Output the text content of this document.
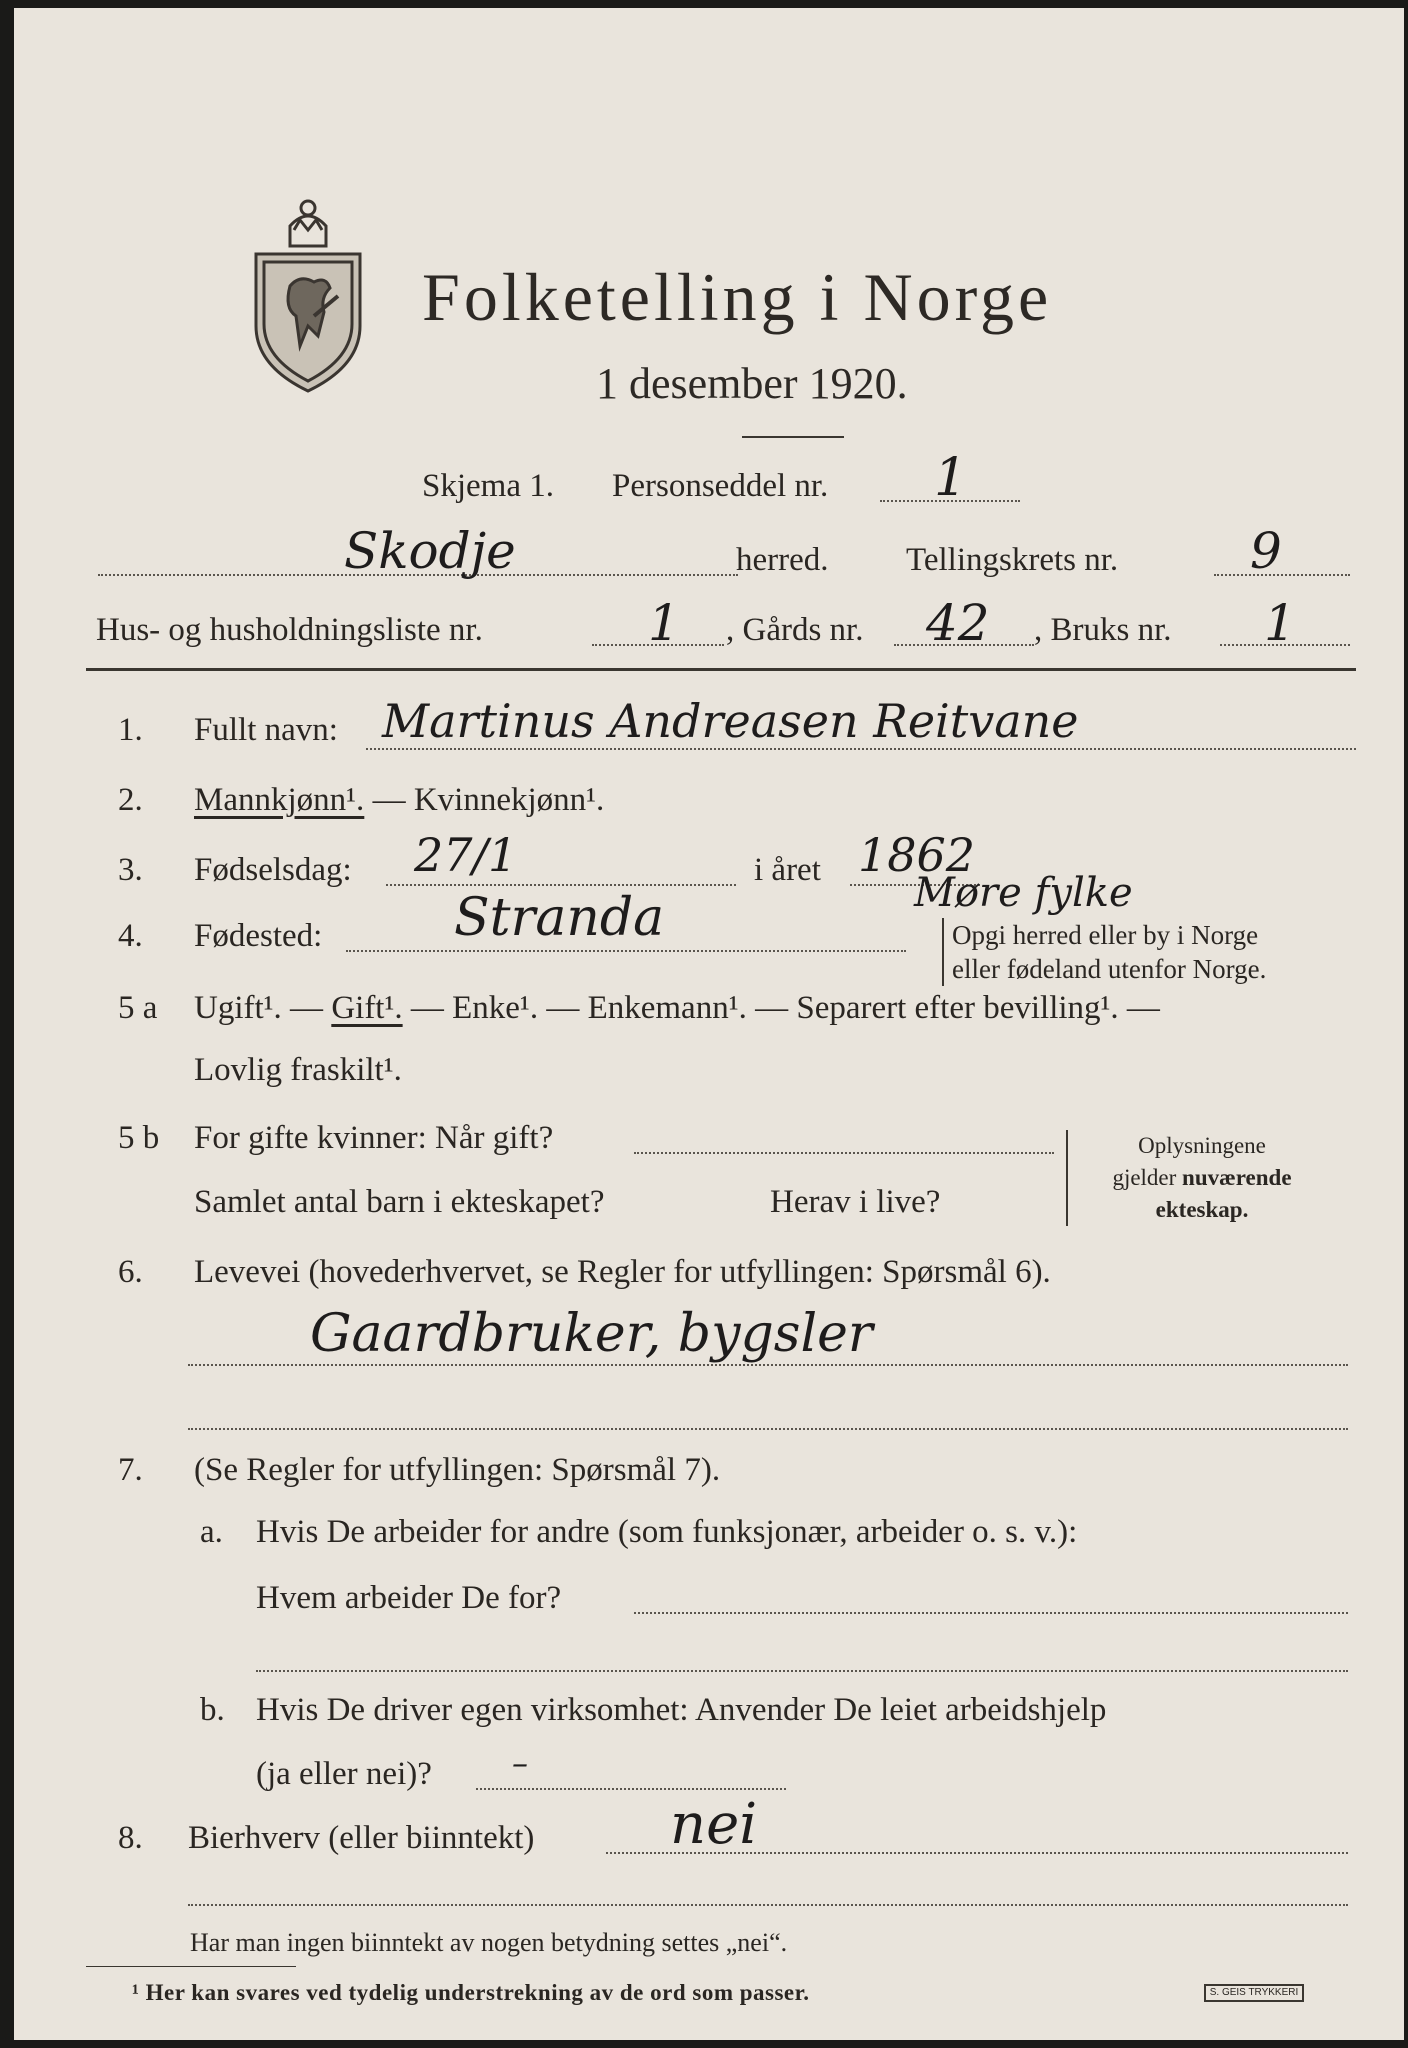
Folketelling i Norge
1 desember 1920.
Skjema 1. Personseddel nr. 1
Skodje	herred. Tellingskrets nr.	9
Hus- og husholdningsliste nr.	1 , Gårds nr. 42 , Bruks nr. 1
1. Fullt navn: Martinus Andreasen Reitvane
2. Mannkjønn¹. — Kvinnekjønn¹.
3. Fødselsdag: 27/1	i året 1862
4. Fødested:	Stranda	Møre fylke
Opgi herred eller by i Norge
eller fødeland utenfor Norge.
5 a Ugift¹. — Gift¹. — Enke¹. — Enkemann¹. — Separert efter bevilling¹. —
Lovlig fraskilt¹.
5 b For gifte kvinner: Når gift?
Samlet antal barn i ekteskapet?	Herav i live?
Oplysningene
gjelder nuværende
ekteskap.
6. Levevei (hovederhvervet, se Regler for utfyllingen: Spørsmål 6).
Gaardbruker, bygsler
7. (Se Regler for utfyllingen: Spørsmål 7).
a. Hvis De arbeider for andre (som funksjonær, arbeider o. s. v.):
Hvem arbeider De for?
b. Hvis De driver egen virksomhet: Anvender De leiet arbeidshjelp
(ja eller nei)?	–
8. Bierhverv (eller biinntekt) nei
Har man ingen biinntekt av nogen betydning settes „nei“.
¹ Her kan svares ved tydelig understrekning av de ord som passer.	S. GEIS TRYKKERI
